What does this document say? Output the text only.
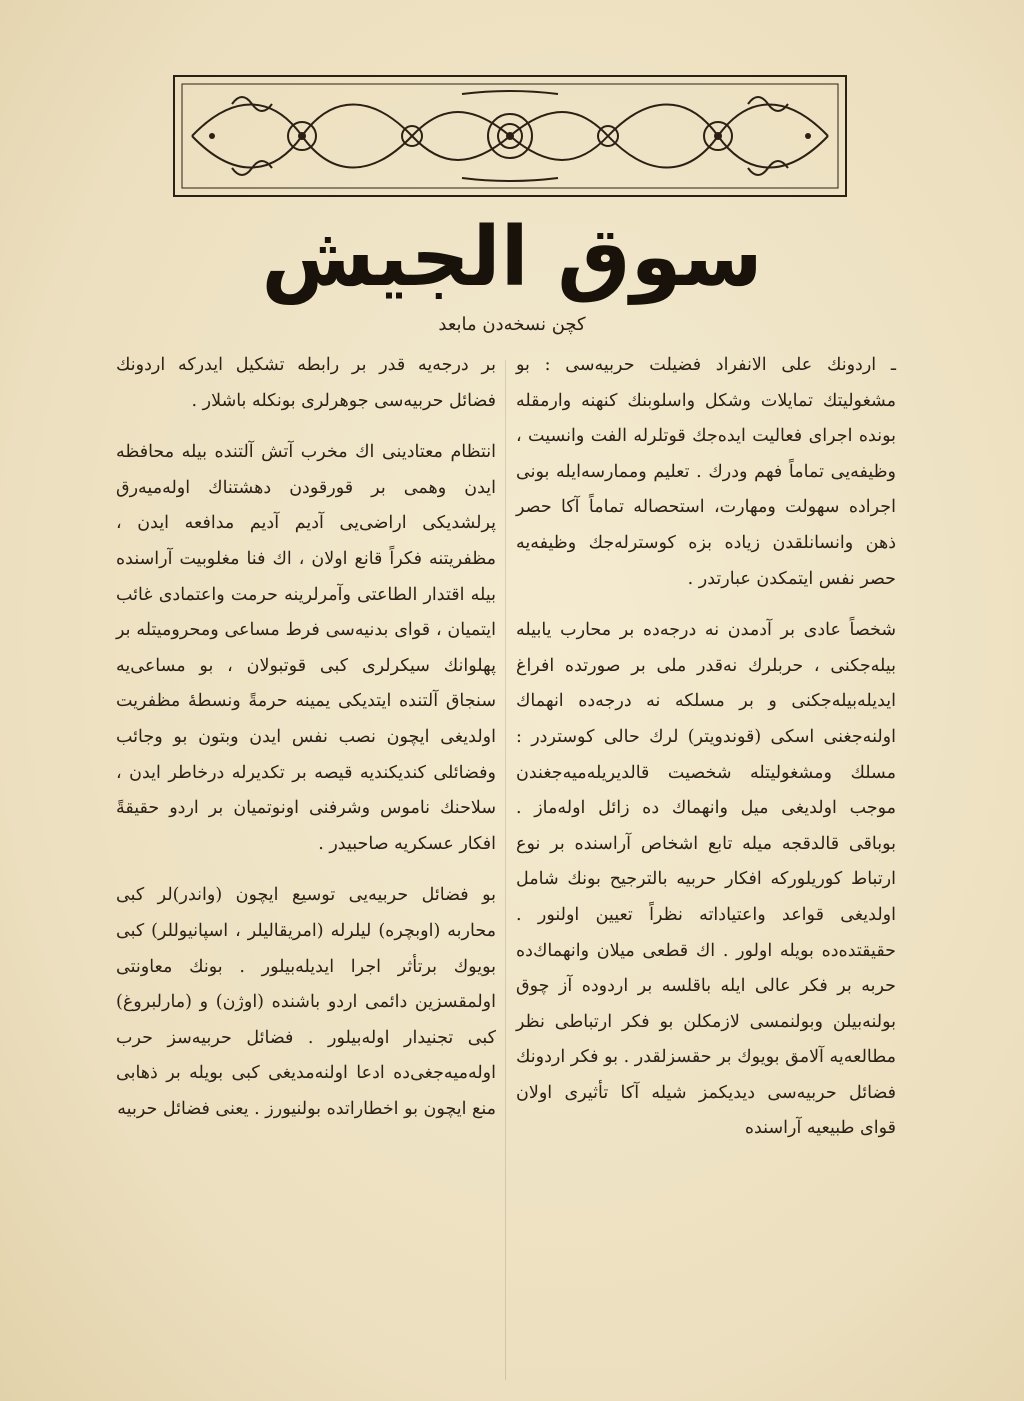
سوق الجيش
كچن نسخه‌دن مابعد

ـ اردونك على الانفراد فضيلت حربيه‌سی : بو مشغوليتك تمايلات وشكل واسلوبنك كنهنه وارمقله بونده اجرای فعاليت ايده‌جك قوتلرله الفت وانسيت ، وظيفه‌يی تماماً فهم ودرك . تعليم وممارسه‌ايله بونی اجراده سهولت ومهارت، استحصاله تماماً آكا حصر ذهن وانسانلقدن زياده بزه كوسترله‌جك وظيفه‌يه حصر نفس ايتمكدن عبارتدر .

شخصاً عادی بر آدمدن نه درجه‌ده بر محارب يابيله بيله‌جكنی ، حربلرك نه‌قدر ملی بر صورتده افراغ ايديله‌بيله‌جكنی و بر مسلكه نه درجه‌ده انهماك اولنه‌جغنی اسكی (قوندويتر) لرك حالی كوستردر : مسلك ومشغوليتله شخصيت قالديريله‌ميه‌جغندن موجب اولديغی ميل وانهماك ده زائل اوله‌ماز . بوباقی قالدقجه ميله تابع اشخاص آراسنده بر نوع ارتباط كوريلوركه افكار حربيه بالترجيح بونك شامل اولديغی قواعد واعتياداته نظراً تعيين اولنور . حقيقتده‌ده بويله اولور . اك قطعی ميلان وانهماك‌ده حربه بر فكر عالی ايله باقلسه بر اردوده آز چوق بولنه‌بيلن وبولنمسی لازمكلن بو فكر ارتباطی نظر مطالعه‌يه آلامق بويوك بر حقسزلقدر . بو فكر اردونك فضائل حربيه‌سی ديديكمز شيله آكا تأثيری اولان قوای طبيعيه آراسنده

بر درجه‌يه قدر بر رابطه تشكيل ايدركه اردونك فضائل حربيه‌سی جوهرلری بونكله باشلار .

انتظام معتادينی اك مخرب آتش آلتنده بيله محافظه ايدن وهمی بر قورقودن دهشتناك اوله‌ميه‌رق پرلشديكی اراضی‌يی آديم آديم مدافعه ايدن ، مظفريتنه فكراً قانع اولان ، اك فنا مغلوبيت آراسنده بيله اقتدار الطاعتی وآمرلرينه حرمت واعتمادی غائب ايتميان ، قوای بدنيه‌سی فرط مساعی ومحروميتله بر پهلوانك سيكرلری كبی قوتبولان ، بو مساعی‌يه سنجاق آلتنده ايتديكی يمينه حرمةً ونسطهٔ مظفريت اولديغی ايچون نصب نفس ايدن وبتون بو وجائب وفضائلی كنديكنديه قيصه بر تكديرله درخاطر ايدن ، سلاحنك ناموس وشرفنی اونوتميان بر اردو حقيقةً افكار عسكريه صاحبيدر .

بو فضائل حربيه‌يی توسيع ايچون (واندر)لر كبی محاربه (اوبچره) ليلرله (امريقاليلر ، اسپانيوللر) كبی بويوك برتأثر اجرا ايديله‌بيلور . بونك معاونتی اولمقسزين دائمی اردو باشنده (اوژن) و (مارلبروغ) كبی تجنيدار اوله‌بيلور . فضائل حربيه‌سز حرب اوله‌ميه‌جغی‌ده ادعا اولنه‌مديغی كبی بويله بر ذهابی منع ايچون بو اخطاراتده بولنيورز . يعنی فضائل حربيه
